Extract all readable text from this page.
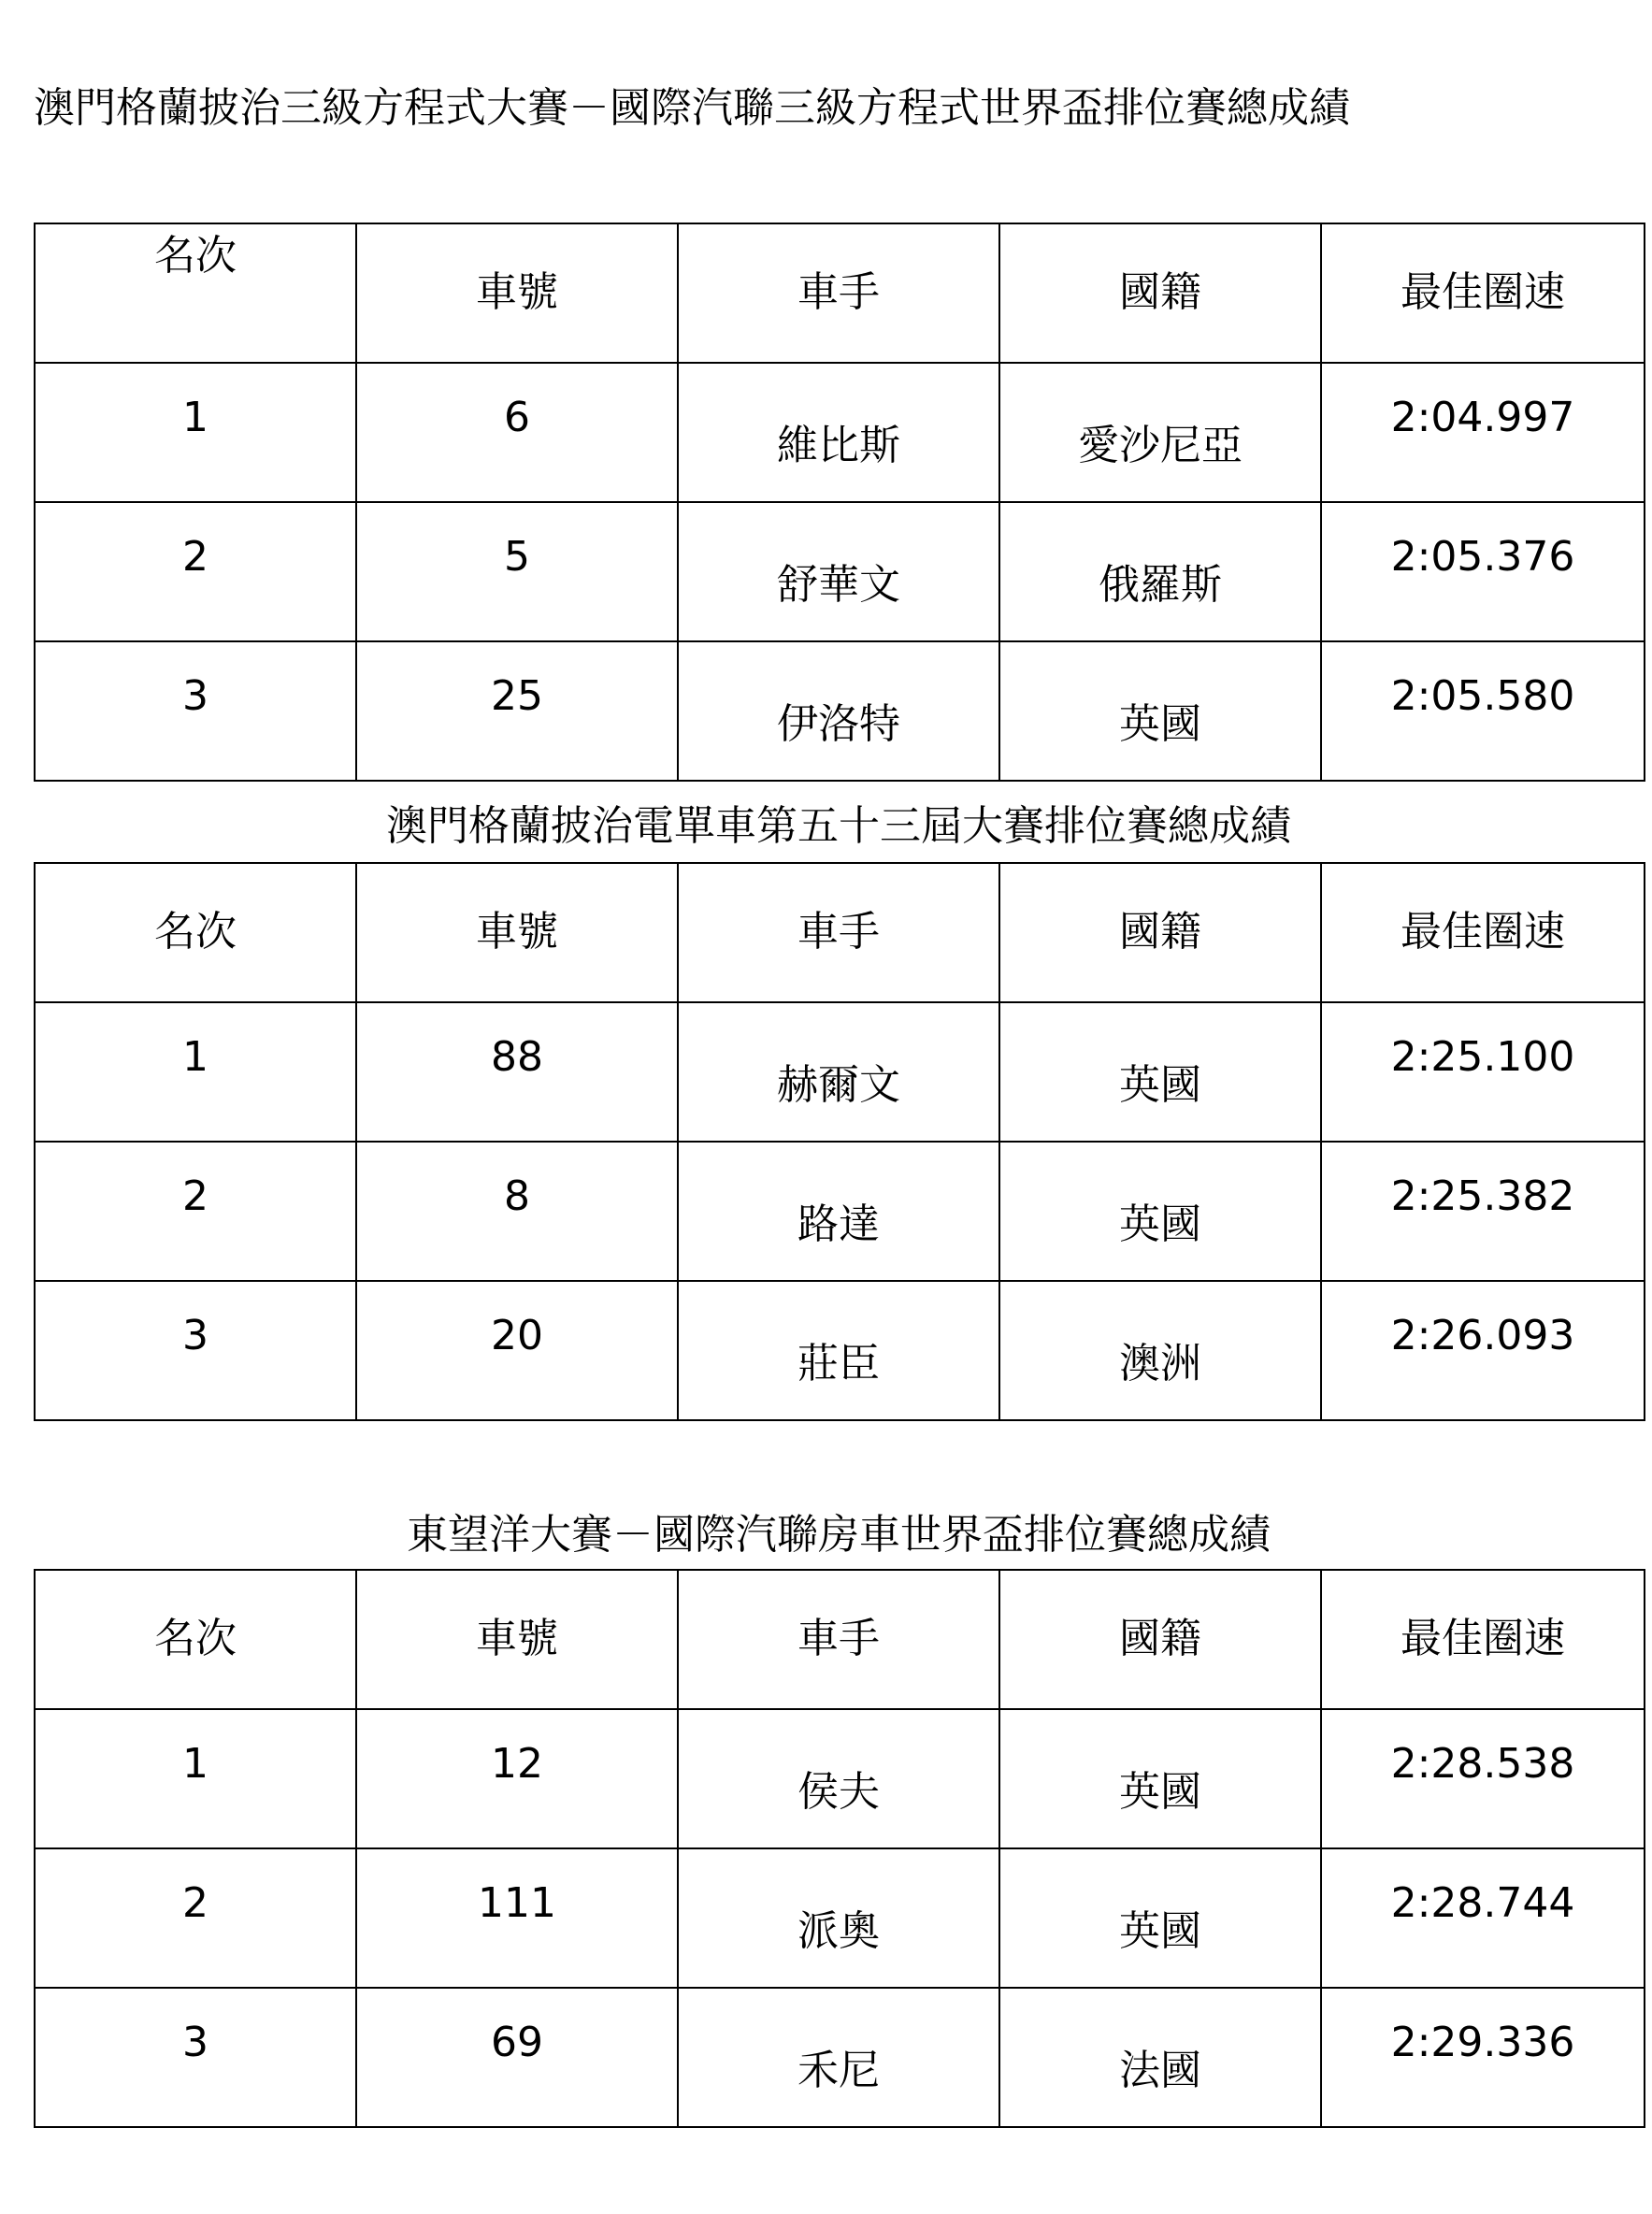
澳門格蘭披治三級方程式大賽－國際汽聯三級方程式世界盃排位賽總成績
名次	車號	車手	國籍	最佳圈速

1	6	維比斯	愛沙尼亞	2:04.997

2	5	舒華文	俄羅斯	2:05.376

3	25	伊洛特	英國	2:05.580
澳門格蘭披治電單車第五十三屆大賽排位賽總成績
名次	車號	車手	國籍	最佳圈速

1	88	赫爾文	英國	2:25.100

2	8	路達	英國	2:25.382

3	20	莊臣	澳洲	2:26.093
東望洋大賽－國際汽聯房車世界盃排位賽總成績
名次	車號	車手	國籍	最佳圈速

1	12	侯夫	英國	2:28.538

2	111	派奧	英國	2:28.744

3	69	禾尼	法國	2:29.336
